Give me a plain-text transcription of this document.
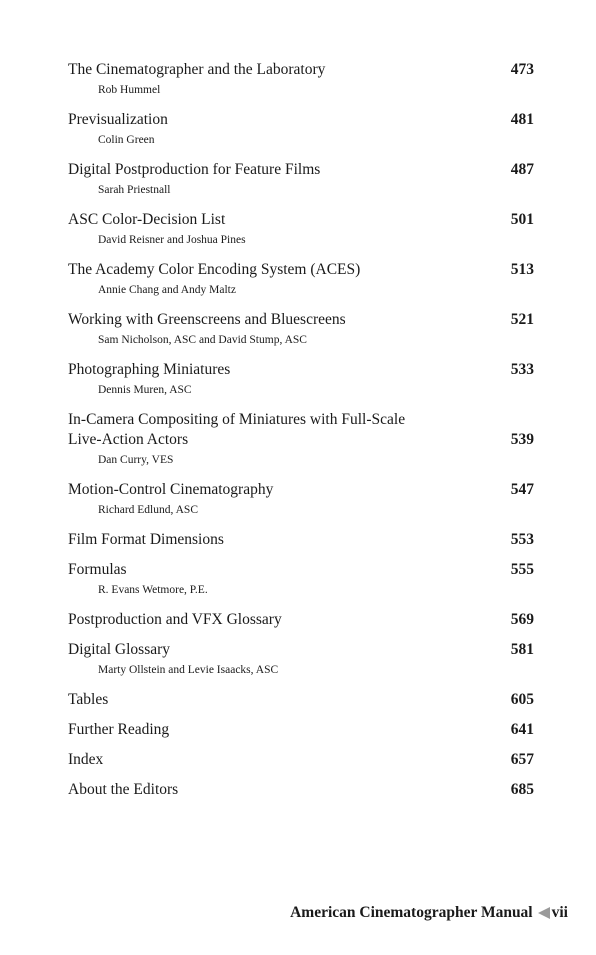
The Cinematographer and the Laboratory	473
Rob Hummel
Previsualization	481
Colin Green
Digital Postproduction for Feature Films	487
Sarah Priestnall
ASC Color-Decision List	501
David Reisner and Joshua Pines
The Academy Color Encoding System (ACES)	513
Annie Chang and Andy Maltz
Working with Greenscreens and Bluescreens	521
Sam Nicholson, ASC and David Stump, ASC
Photographing Miniatures	533
Dennis Muren, ASC
In-Camera Compositing of Miniatures with Full-Scale
Live-Action Actors	539
Dan Curry, VES
Motion-Control Cinematography	547
Richard Edlund, ASC
Film Format Dimensions	553
Formulas	555
R. Evans Wetmore, P.E.
Postproduction and VFX Glossary	569
Digital Glossary	581
Marty Ollstein and Levie Isaacks, ASC
Tables	605
Further Reading	641
Index	657
About the Editors	685
American Cinematographer Manual vii
